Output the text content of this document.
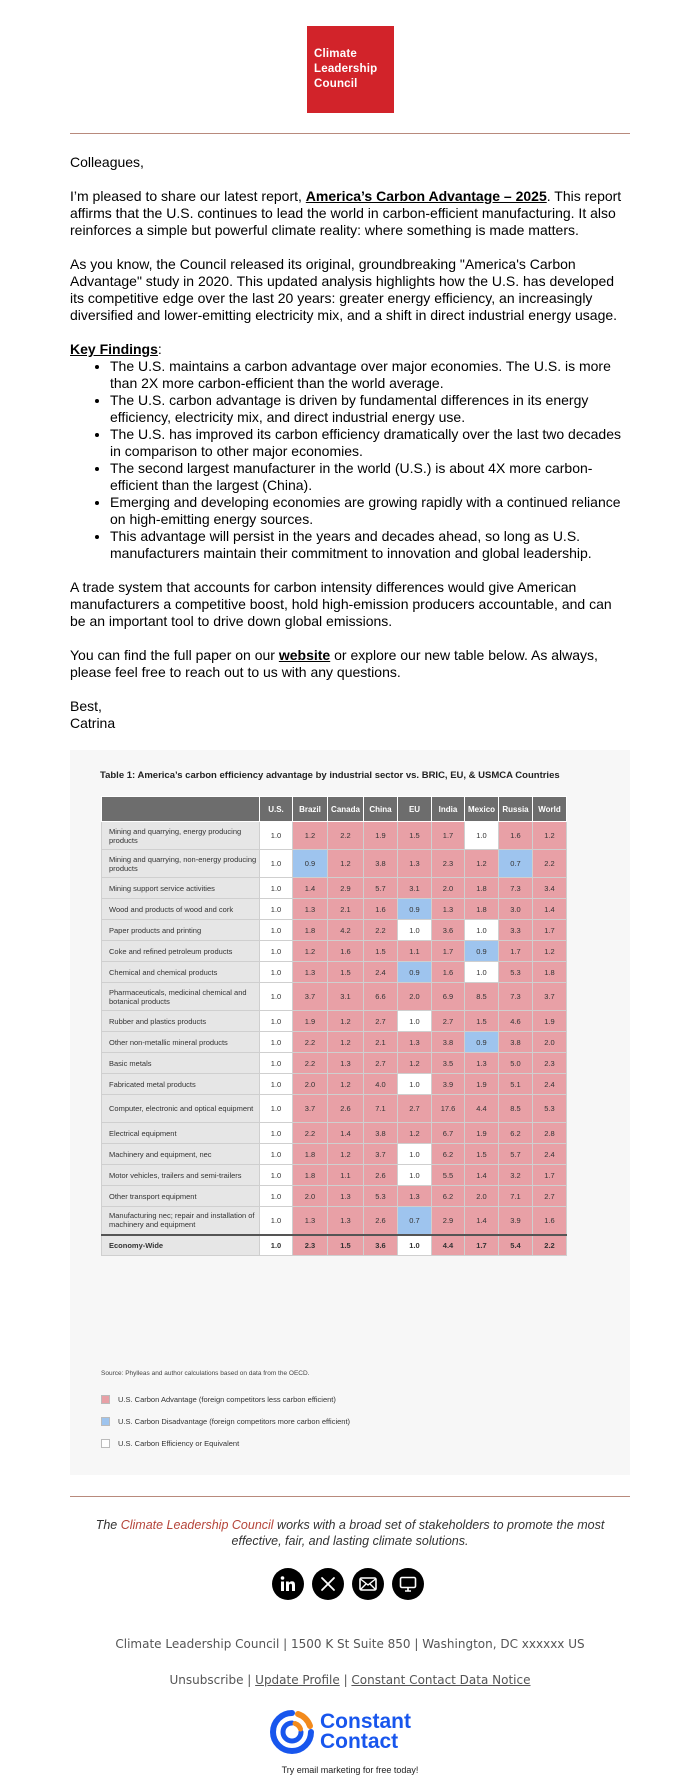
Climate
Leadership
Council

Colleagues,

I’m pleased to share our latest report, America’s Carbon Advantage – 2025. This report affirms that the U.S. continues to lead the world in carbon-efficient manufacturing. It also reinforces a simple but powerful climate reality: where something is made matters.

As you know, the Council released its original, groundbreaking "America's Carbon Advantage" study in 2020. This updated analysis highlights how the U.S. has developed its competitive edge over the last 20 years: greater energy efficiency, an increasingly diversified and lower-emitting electricity mix, and a shift in direct industrial energy usage.

Key Findings:
• The U.S. maintains a carbon advantage over major economies. The U.S. is more than 2X more carbon-efficient than the world average.
• The U.S. carbon advantage is driven by fundamental differences in its energy efficiency, electricity mix, and direct industrial energy use.
• The U.S. has improved its carbon efficiency dramatically over the last two decades in comparison to other major economies.
• The second largest manufacturer in the world (U.S.) is about 4X more carbon-efficient than the largest (China).
• Emerging and developing economies are growing rapidly with a continued reliance on high-emitting energy sources.
• This advantage will persist in the years and decades ahead, so long as U.S. manufacturers maintain their commitment to innovation and global leadership.

A trade system that accounts for carbon intensity differences would give American manufacturers a competitive boost, hold high-emission producers accountable, and can be an important tool to drive down global emissions.

You can find the full paper on our website or explore our new table below. As always, please feel free to reach out to us with any questions.

Best,
Catrina
Table 1: America’s carbon efficiency advantage by industrial sector vs. BRIC, EU, & USMCA Countries
	U.S.	Brazil	Canada	China	EU	India	Mexico	Russia	World
Mining and quarrying, energy producing products	1.0	1.2	2.2	1.9	1.5	1.7	1.0	1.6	1.2
Mining and quarrying, non-energy producing products	1.0	0.9	1.2	3.8	1.3	2.3	1.2	0.7	2.2
Mining support service activities	1.0	1.4	2.9	5.7	3.1	2.0	1.8	7.3	3.4
Wood and products of wood and cork	1.0	1.3	2.1	1.6	0.9	1.3	1.8	3.0	1.4
Paper products and printing	1.0	1.8	4.2	2.2	1.0	3.6	1.0	3.3	1.7
Coke and refined petroleum products	1.0	1.2	1.6	1.5	1.1	1.7	0.9	1.7	1.2
Chemical and chemical products	1.0	1.3	1.5	2.4	0.9	1.6	1.0	5.3	1.8
Pharmaceuticals, medicinal chemical and botanical products	1.0	3.7	3.1	6.6	2.0	6.9	8.5	7.3	3.7
Rubber and plastics products	1.0	1.9	1.2	2.7	1.0	2.7	1.5	4.6	1.9
Other non-metallic mineral products	1.0	2.2	1.2	2.1	1.3	3.8	0.9	3.8	2.0
Basic metals	1.0	2.2	1.3	2.7	1.2	3.5	1.3	5.0	2.3
Fabricated metal products	1.0	2.0	1.2	4.0	1.0	3.9	1.9	5.1	2.4
Computer, electronic and optical equipment	1.0	3.7	2.6	7.1	2.7	17.6	4.4	8.5	5.3
Electrical equipment	1.0	2.2	1.4	3.8	1.2	6.7	1.9	6.2	2.8
Machinery and equipment, nec	1.0	1.8	1.2	3.7	1.0	6.2	1.5	5.7	2.4
Motor vehicles, trailers and semi-trailers	1.0	1.8	1.1	2.6	1.0	5.5	1.4	3.2	1.7
Other transport equipment	1.0	2.0	1.3	5.3	1.3	6.2	2.0	7.1	2.7
Manufacturing nec; repair and installation of machinery and equipment	1.0	1.3	1.3	2.6	0.7	2.9	1.4	3.9	1.6
Economy-Wide	1.0	2.3	1.5	3.6	1.0	4.4	1.7	5.4	2.2
Source: Phylleas and author calculations based on data from the OECD.
U.S. Carbon Advantage (foreign competitors less carbon efficient)
U.S. Carbon Disadvantage (foreign competitors more carbon efficient)
U.S. Carbon Efficiency or Equivalent
The Climate Leadership Council works with a broad set of stakeholders to promote the most effective, fair, and lasting climate solutions.
Climate Leadership Council | 1500 K St Suite 850 | Washington, DC xxxxxx US
Unsubscribe | Update Profile | Constant Contact Data Notice
Constant
Contact
Try email marketing for free today!
